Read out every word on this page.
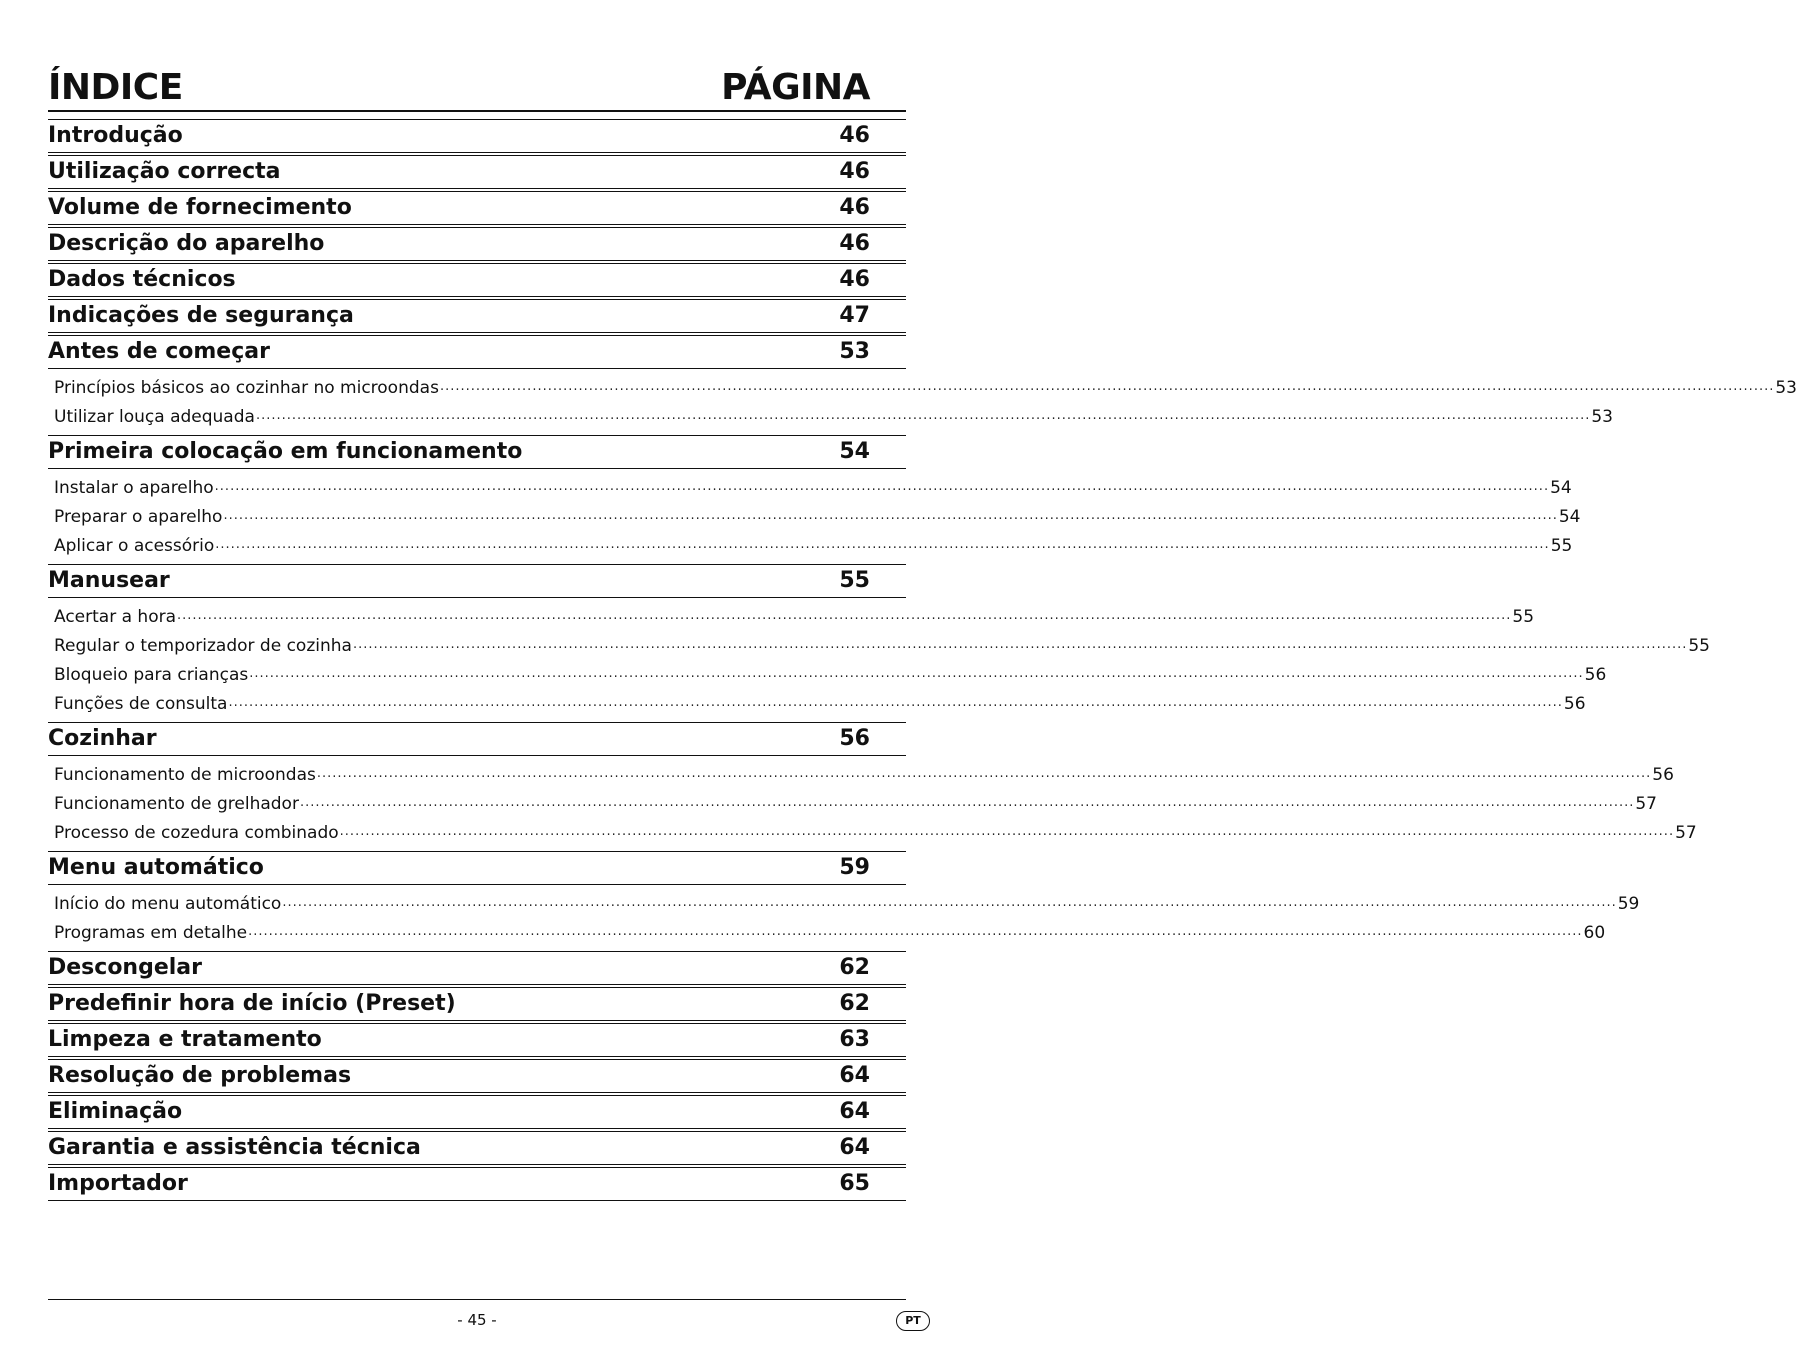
ÍNDICE	PÁGINA
Introdução	46
Utilização correcta	46
Volume de fornecimento	46
Descrição do aparelho	46
Dados técnicos	46
Indicações de segurança	47
Antes de começar	53
Princípios básicos ao cozinhar no microondas .................................................................................................................................................................................................................................................................... 53
Utilizar louça adequada .................................................................................................................................................................................................................................................................... 53
Primeira colocação em funcionamento	54
Instalar o aparelho .................................................................................................................................................................................................................................................................... 54
Preparar o aparelho .................................................................................................................................................................................................................................................................... 54
Aplicar o acessório .................................................................................................................................................................................................................................................................... 55
Manusear	55
Acertar a hora .................................................................................................................................................................................................................................................................... 55
Regular o temporizador de cozinha .................................................................................................................................................................................................................................................................... 55
Bloqueio para crianças .................................................................................................................................................................................................................................................................... 56
Funções de consulta .................................................................................................................................................................................................................................................................... 56
Cozinhar	56
Funcionamento de microondas .................................................................................................................................................................................................................................................................... 56
Funcionamento de grelhador .................................................................................................................................................................................................................................................................... 57
Processo de cozedura combinado .................................................................................................................................................................................................................................................................... 57
Menu automático	59
Início do menu automático .................................................................................................................................................................................................................................................................... 59
Programas em detalhe .................................................................................................................................................................................................................................................................... 60
Descongelar	62
Predefinir hora de início (Preset)	62
Limpeza e tratamento	63
Resolução de problemas	64
Eliminação	64
Garantia e assistência técnica	64
Importador	65
- 45 -	PT
